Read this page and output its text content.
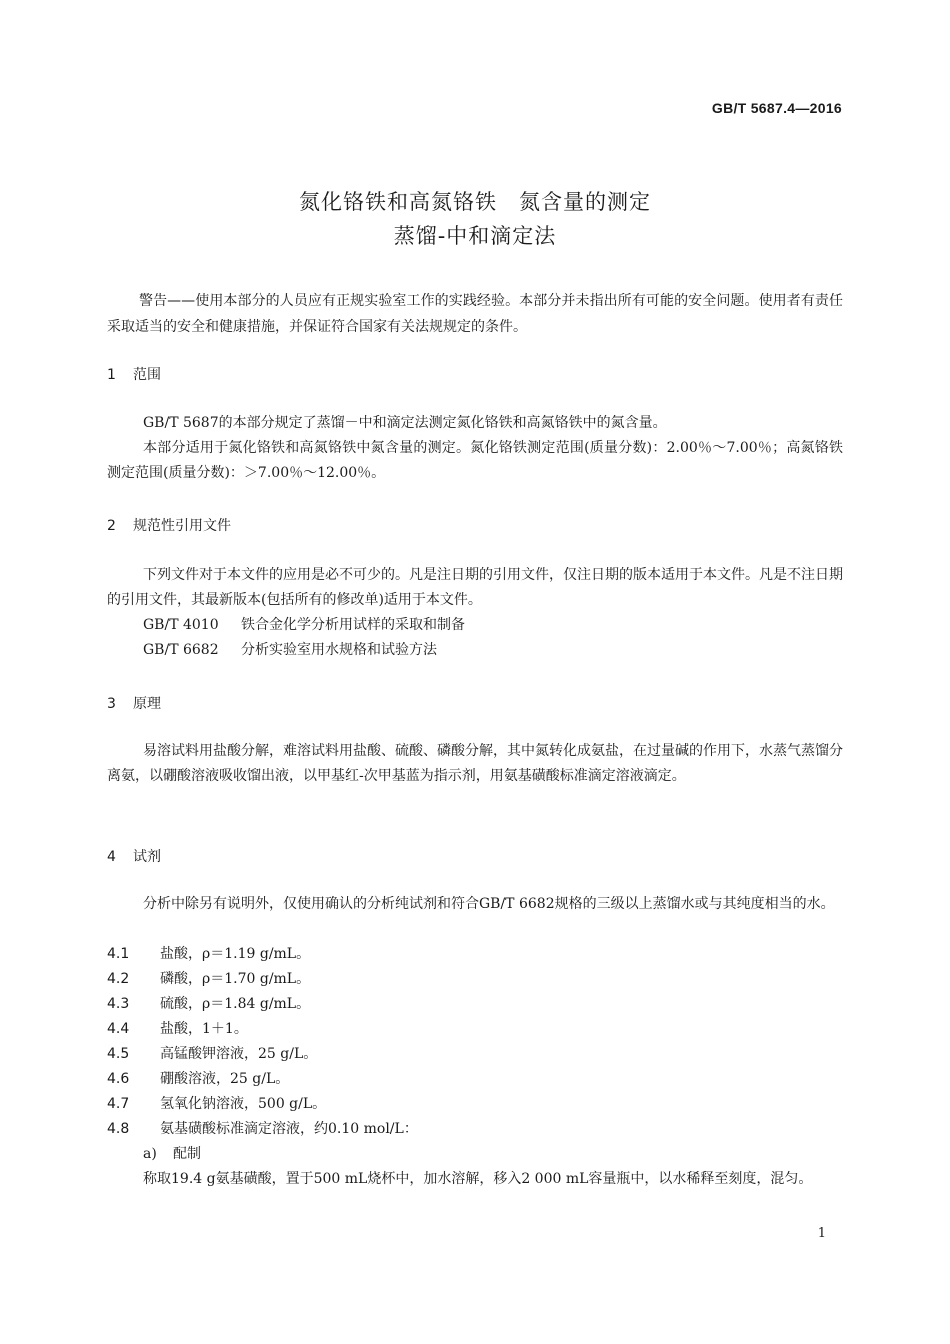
GB/T 5687.4—2016
氮化铬铁和高氮铬铁　氮含量的测定
蒸馏-中和滴定法
警告——使用本部分的人员应有正规实验室工作的实践经验。本部分并未指出所有可能的安全问题。使用者有责任采取适当的安全和健康措施，并保证符合国家有关法规规定的条件。
1 范围
GB/T 5687的本部分规定了蒸馏－中和滴定法测定氮化铬铁和高氮铬铁中的氮含量。
本部分适用于氮化铬铁和高氮铬铁中氮含量的测定。氮化铬铁测定范围(质量分数)：2.00％～7.00％；高氮铬铁测定范围(质量分数)：＞7.00％～12.00％。
2 规范性引用文件
下列文件对于本文件的应用是必不可少的。凡是注日期的引用文件，仅注日期的版本适用于本文件。凡是不注日期的引用文件，其最新版本(包括所有的修改单)适用于本文件。
GB/T 4010 铁合金化学分析用试样的采取和制备
GB/T 6682 分析实验室用水规格和试验方法
3 原理
易溶试料用盐酸分解，难溶试料用盐酸、硫酸、磷酸分解，其中氮转化成氨盐，在过量碱的作用下，水蒸气蒸馏分离氨，以硼酸溶液吸收馏出液，以甲基红-次甲基蓝为指示剂，用氨基磺酸标准滴定溶液滴定。
4 试剂
分析中除另有说明外，仅使用确认的分析纯试剂和符合GB/T 6682规格的三级以上蒸馏水或与其纯度相当的水。
4.1 盐酸，ρ＝1.19 g/mL。
4.2 磷酸，ρ＝1.70 g/mL。
4.3 硫酸，ρ＝1.84 g/mL。
4.4 盐酸，1＋1。
4.5 高锰酸钾溶液，25 g/L。
4.6 硼酸溶液，25 g/L。
4.7 氢氧化钠溶液，500 g/L。
4.8 氨基磺酸标准滴定溶液，约0.10 mol/L：
a) 配制
称取19.4 g氨基磺酸，置于500 mL烧杯中，加水溶解，移入2 000 mL容量瓶中，以水稀释至刻度，混匀。
1
